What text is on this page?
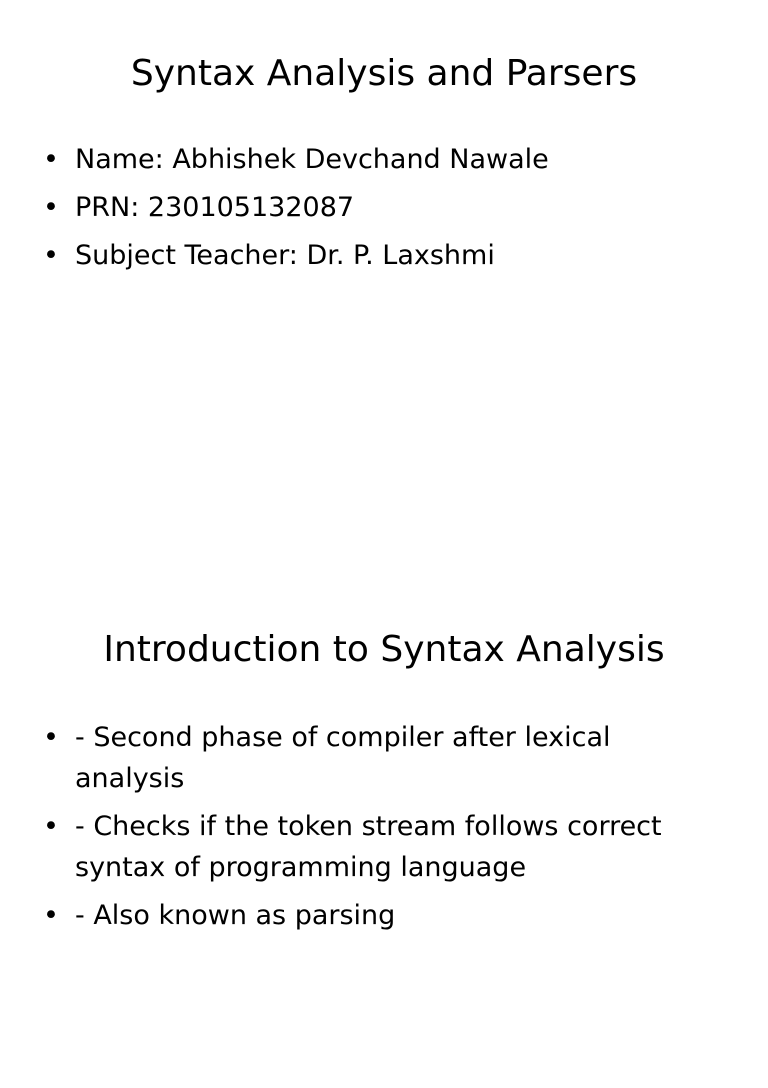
Syntax Analysis and Parsers
• Name: Abhishek Devchand Nawale
• PRN: 230105132087
• Subject Teacher: Dr. P. Laxshmi
Introduction to Syntax Analysis
• - Second phase of compiler after lexical analysis
• - Checks if the token stream follows correct syntax of programming language
• - Also known as parsing
